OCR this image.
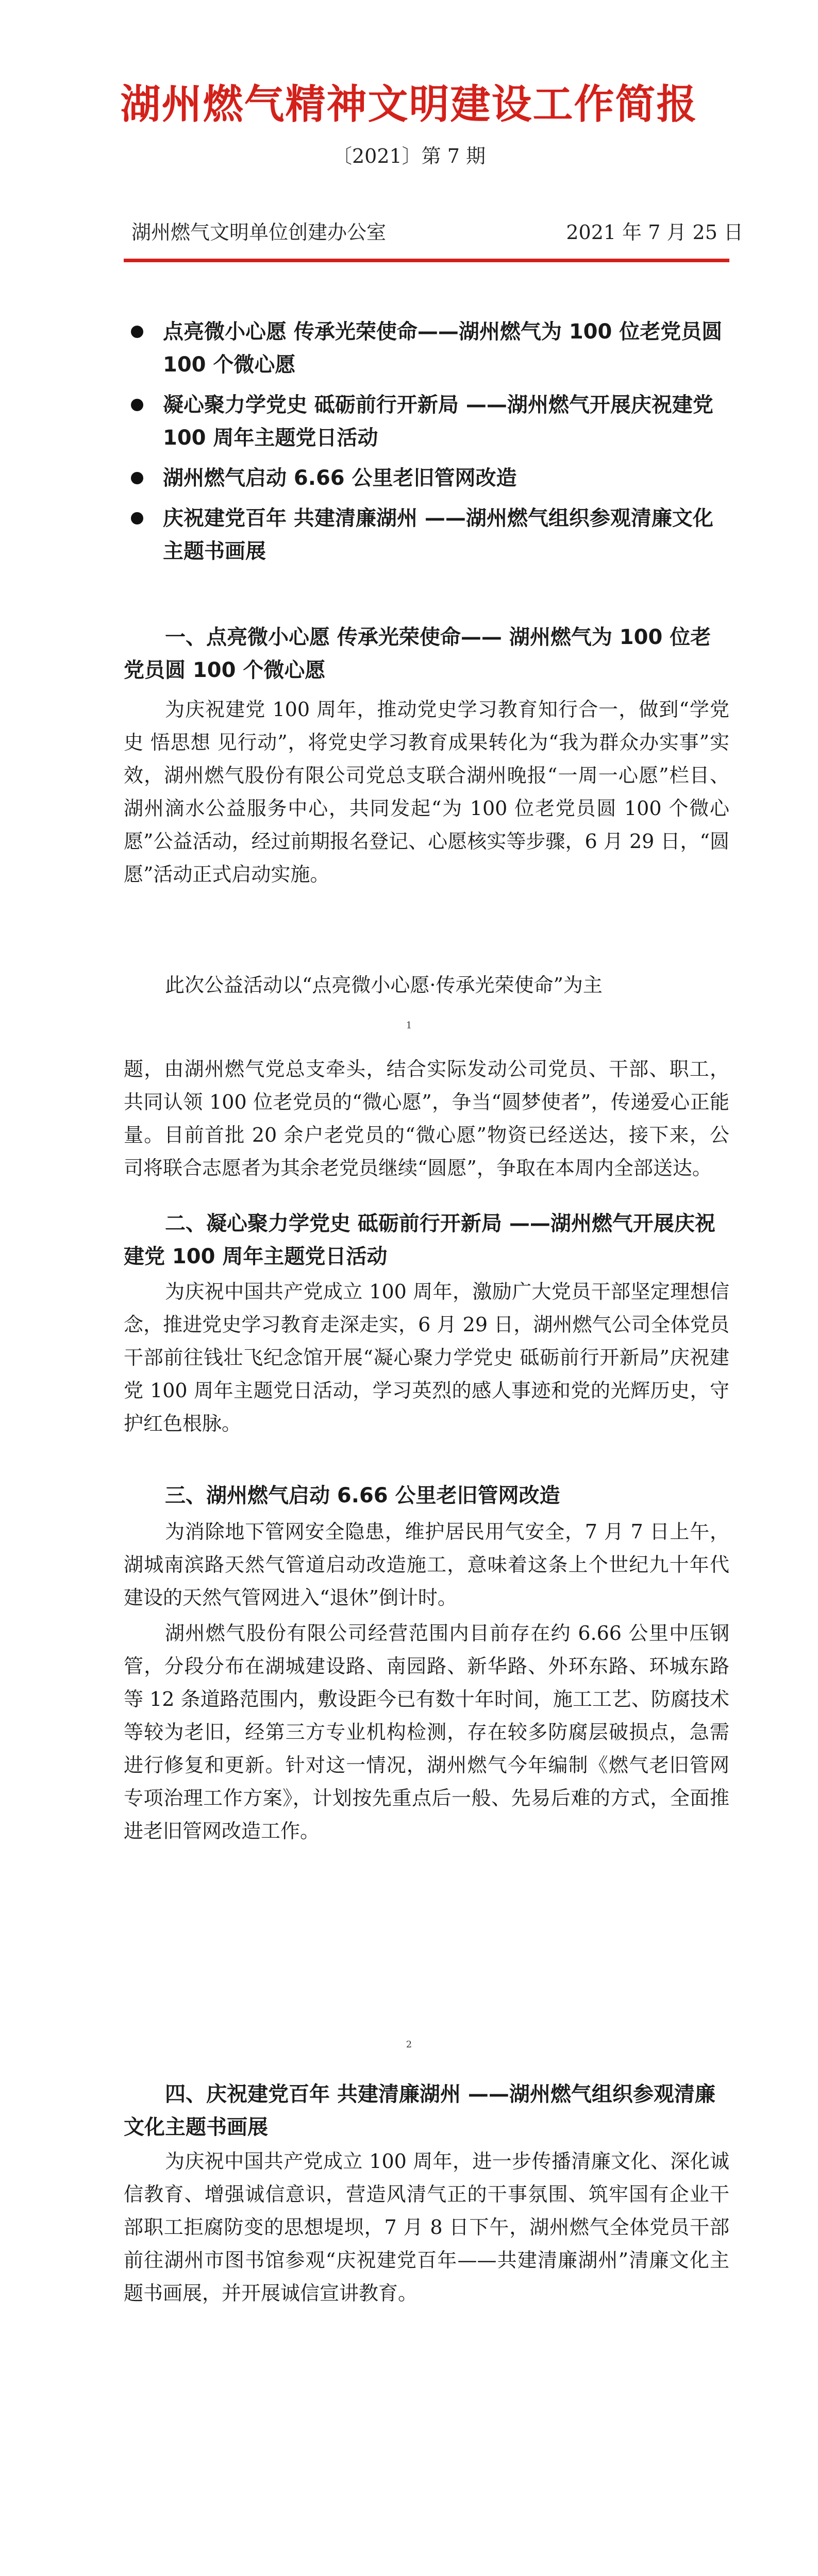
湖州燃气精神文明建设工作简报
〔2021〕第 7 期
湖州燃气文明单位创建办公室	2021 年 7 月 25 日
点亮微小心愿 传承光荣使命——湖州燃气为 100 位老党员圆 100 个微心愿
凝心聚力学党史 砥砺前行开新局 ——湖州燃气开展庆祝建党 100 周年主题党日活动
湖州燃气启动 6.66 公里老旧管网改造
庆祝建党百年 共建清廉湖州 ——湖州燃气组织参观清廉文化主题书画展
一、点亮微小心愿 传承光荣使命—— 湖州燃气为 100 位老党员圆 100 个微心愿
为庆祝建党 100 周年，推动党史学习教育知行合一，做到“学党史 悟思想 见行动”，将党史学习教育成果转化为“我为群众办实事”实效，湖州燃气股份有限公司党总支联合湖州晚报“一周一心愿”栏目、湖州滴水公益服务中心，共同发起“为 100 位老党员圆 100 个微心愿”公益活动，经过前期报名登记、心愿核实等步骤，6 月 29 日，“圆愿”活动正式启动实施。
此次公益活动以“点亮微小心愿·传承光荣使命”为主
1
题，由湖州燃气党总支牵头，结合实际发动公司党员、干部、职工，共同认领 100 位老党员的“微心愿”，争当“圆梦使者”，传递爱心正能量。目前首批 20 余户老党员的“微心愿”物资已经送达，接下来，公司将联合志愿者为其余老党员继续“圆愿”，争取在本周内全部送达。
二、凝心聚力学党史 砥砺前行开新局 ——湖州燃气开展庆祝建党 100 周年主题党日活动
为庆祝中国共产党成立 100 周年，激励广大党员干部坚定理想信念，推进党史学习教育走深走实，6 月 29 日，湖州燃气公司全体党员干部前往钱壮飞纪念馆开展“凝心聚力学党史 砥砺前行开新局”庆祝建党 100 周年主题党日活动，学习英烈的感人事迹和党的光辉历史，守护红色根脉。
三、湖州燃气启动 6.66 公里老旧管网改造
为消除地下管网安全隐患，维护居民用气安全，7 月 7 日上午，湖城南滨路天然气管道启动改造施工，意味着这条上个世纪九十年代建设的天然气管网进入“退休”倒计时。
湖州燃气股份有限公司经营范围内目前存在约 6.66 公里中压钢管，分段分布在湖城建设路、南园路、新华路、外环东路、环城东路等 12 条道路范围内，敷设距今已有数十年时间，施工工艺、防腐技术等较为老旧，经第三方专业机构检测，存在较多防腐层破损点，急需进行修复和更新。针对这一情况，湖州燃气今年编制《燃气老旧管网专项治理工作方案》，计划按先重点后一般、先易后难的方式，全面推进老旧管网改造工作。
2
四、庆祝建党百年 共建清廉湖州 ——湖州燃气组织参观清廉文化主题书画展
为庆祝中国共产党成立 100 周年，进一步传播清廉文化、深化诚信教育、增强诚信意识，营造风清气正的干事氛围、筑牢国有企业干部职工拒腐防变的思想堤坝，7 月 8 日下午，湖州燃气全体党员干部前往湖州市图书馆参观“庆祝建党百年——共建清廉湖州”清廉文化主题书画展，并开展诚信宣讲教育。
